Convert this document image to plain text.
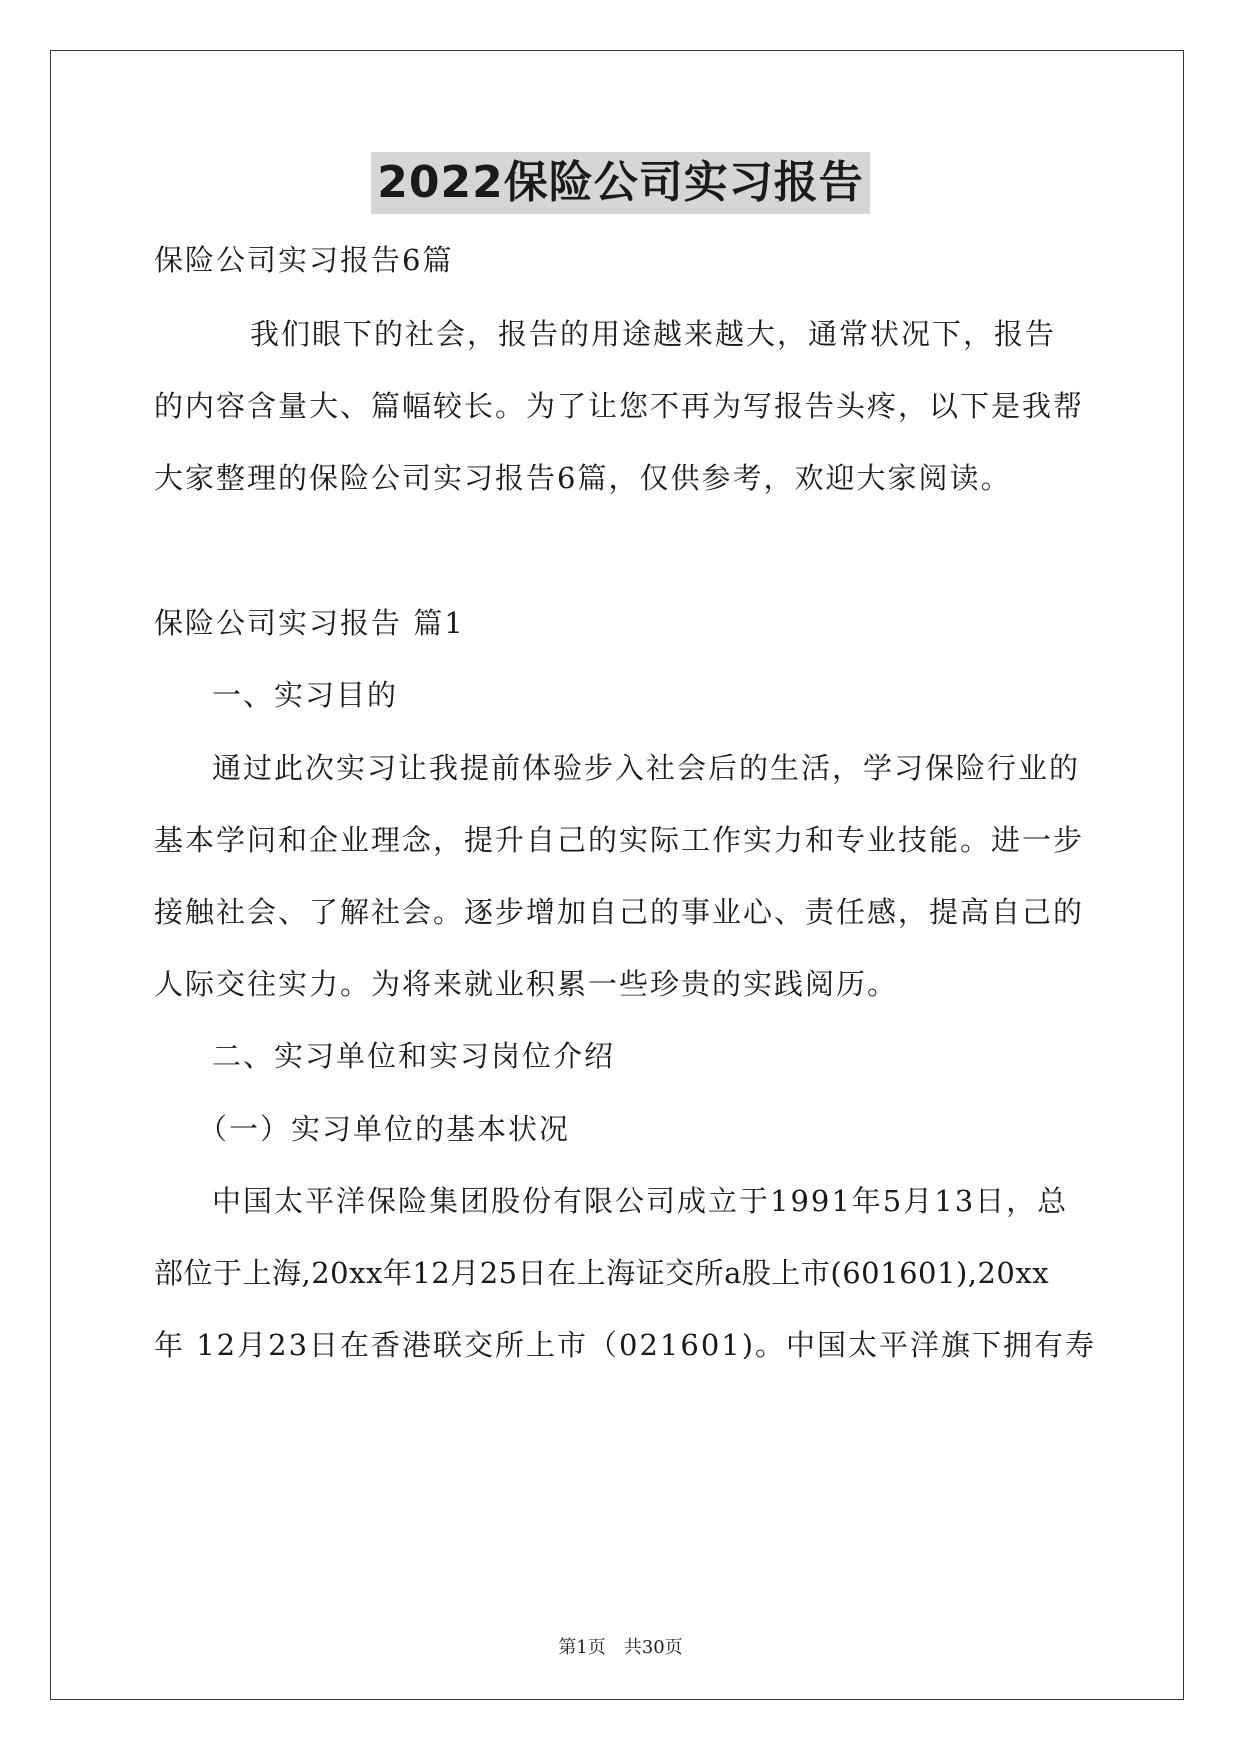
2022保险公司实习报告

保险公司实习报告6篇

我们眼下的社会，报告的用途越来越大，通常状况下，报告

的内容含量大、篇幅较长。为了让您不再为写报告头疼，以下是我帮

大家整理的保险公司实习报告6篇，仅供参考，欢迎大家阅读。

保险公司实习报告 篇1

一、实习目的

通过此次实习让我提前体验步入社会后的生活，学习保险行业的

基本学问和企业理念，提升自己的实际工作实力和专业技能。进一步

接触社会、了解社会。逐步增加自己的事业心、责任感，提高自己的

人际交往实力。为将来就业积累一些珍贵的实践阅历。

二、实习单位和实习岗位介绍

（一）实习单位的基本状况

中国太平洋保险集团股份有限公司成立于1991年5月13日，总

部位于上海,20xx年12月25日在上海证交所a股上市(601601),20xx

年 12月23日在香港联交所上市（021601)。中国太平洋旗下拥有寿

第1页　共30页
